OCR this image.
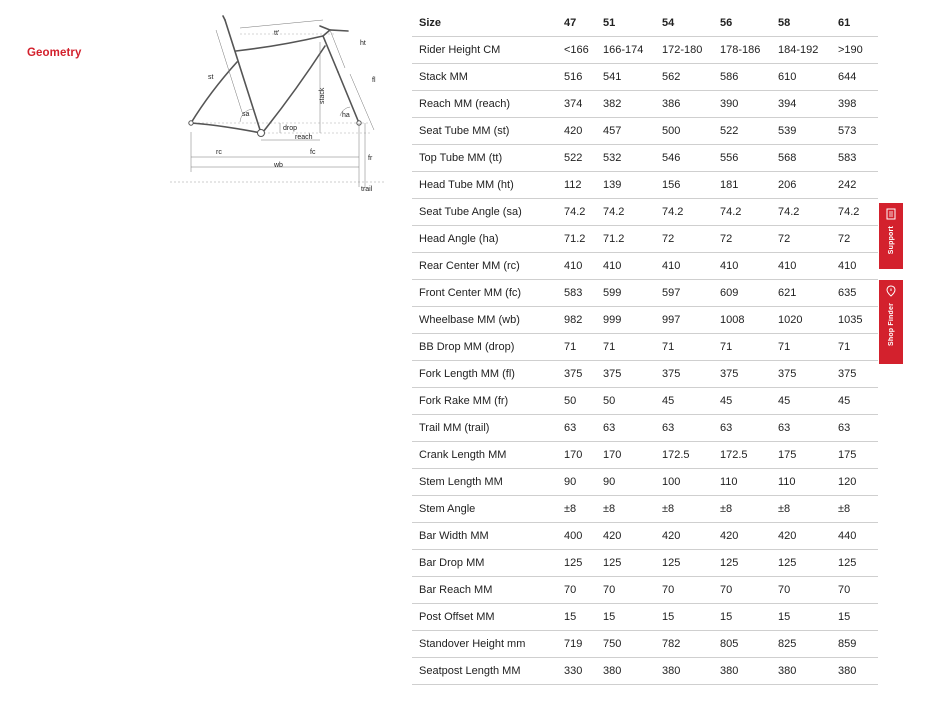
Geometry
tt'
ht
st	fl
stack
sa	ha
drop
reach
rc	fc
wb
fr
trail
Size	47	51	54	56	58	61
Rider Height CM	<166	166-174	172-180	178-186	184-192	>190
Stack MM	516	541	562	586	610	644
Reach MM (reach)	374	382	386	390	394	398
Seat Tube MM (st)	420	457	500	522	539	573
Top Tube MM (tt)	522	532	546	556	568	583
Head Tube MM (ht)	112	139	156	181	206	242
Seat Tube Angle (sa)	74.2	74.2	74.2	74.2	74.2	74.2
Head Angle (ha)	71.2	71.2	72	72	72	72
Rear Center MM (rc)	410	410	410	410	410	410
Front Center MM (fc)	583	599	597	609	621	635
Wheelbase MM (wb)	982	999	997	1008	1020	1035
BB Drop MM (drop)	71	71	71	71	71	71
Fork Length MM (fl)	375	375	375	375	375	375
Fork Rake MM (fr)	50	50	45	45	45	45
Trail MM (trail)	63	63	63	63	63	63
Crank Length MM	170	170	172.5	172.5	175	175
Stem Length MM	90	90	100	110	110	120
Stem Angle	±8	±8	±8	±8	±8	±8
Bar Width MM	400	420	420	420	420	440
Bar Drop MM	125	125	125	125	125	125
Bar Reach MM	70	70	70	70	70	70
Post Offset MM	15	15	15	15	15	15
Standover Height mm	719	750	782	805	825	859
Seatpost Length MM	330	380	380	380	380	380
Support
Shop Finder
